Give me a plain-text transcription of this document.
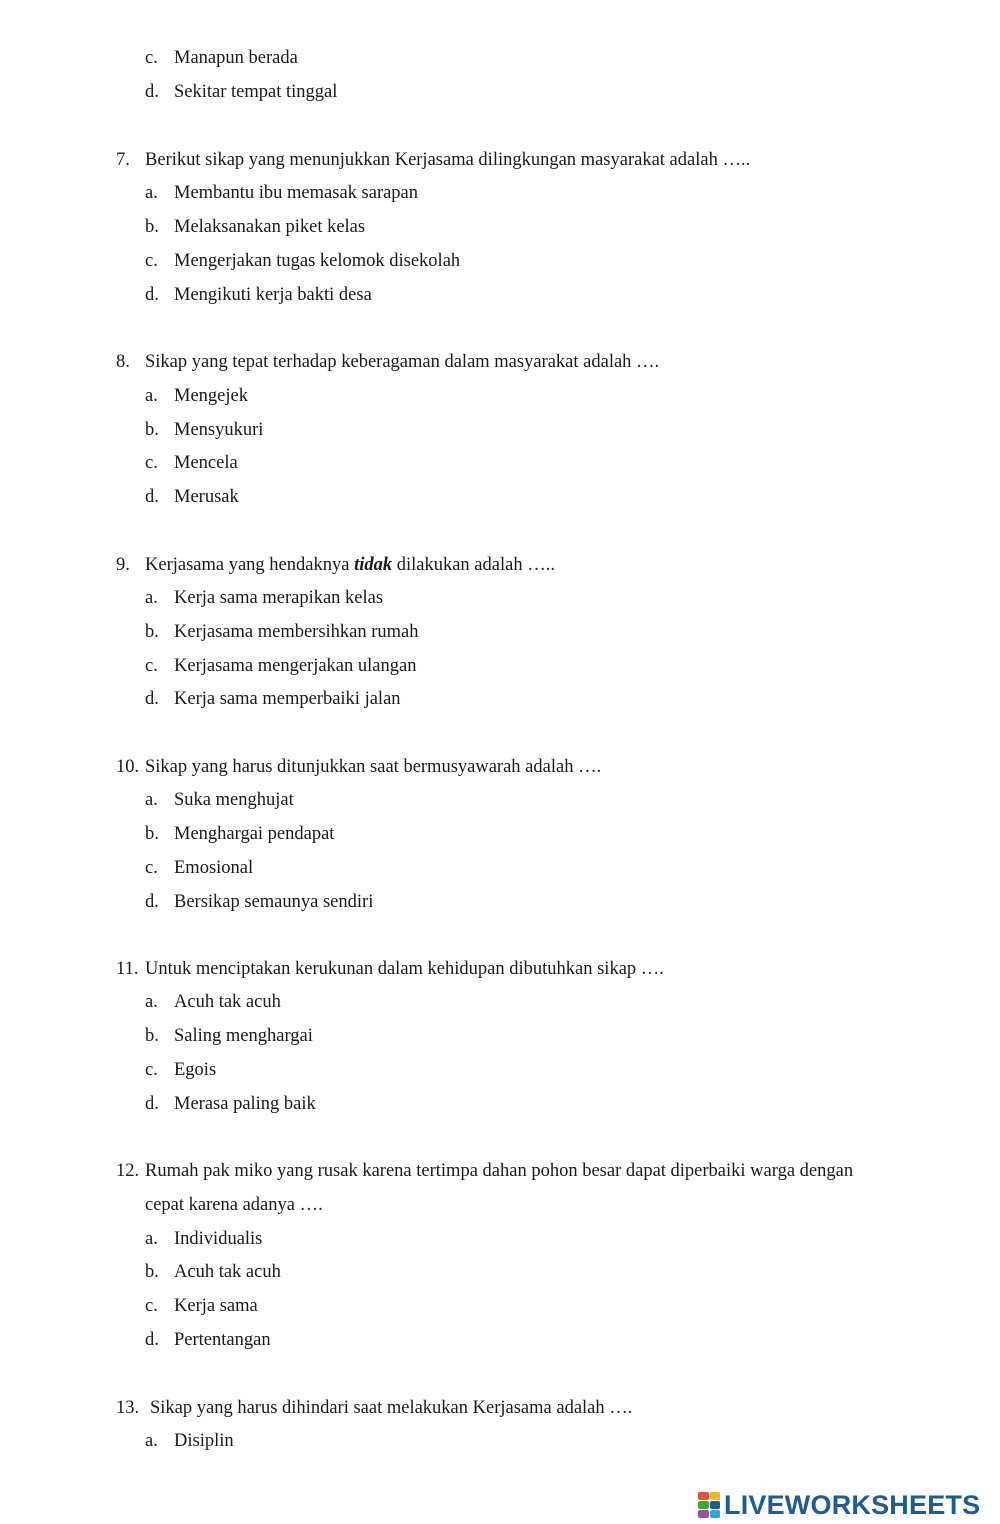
c. Manapun berada
d. Sekitar tempat tinggal
7. Berikut sikap yang menunjukkan Kerjasama dilingkungan masyarakat adalah …..
a. Membantu ibu memasak sarapan
b. Melaksanakan piket kelas
c. Mengerjakan tugas kelomok disekolah
d. Mengikuti kerja bakti desa
8. Sikap yang tepat terhadap keberagaman dalam masyarakat adalah ….
a. Mengejek
b. Mensyukuri
c. Mencela
d. Merusak
9. Kerjasama yang hendaknya tidak dilakukan adalah …..
a. Kerja sama merapikan kelas
b. Kerjasama membersihkan rumah
c. Kerjasama mengerjakan ulangan
d. Kerja sama memperbaiki jalan
10. Sikap yang harus ditunjukkan saat bermusyawarah adalah ….
a. Suka menghujat
b. Menghargai pendapat
c. Emosional
d. Bersikap semaunya sendiri
11. Untuk menciptakan kerukunan dalam kehidupan dibutuhkan sikap ….
a. Acuh tak acuh
b. Saling menghargai
c. Egois
d. Merasa paling baik
12. Rumah pak miko yang rusak karena tertimpa dahan pohon besar dapat diperbaiki warga dengan
cepat karena adanya ….
a. Individualis
b. Acuh tak acuh
c. Kerja sama
d. Pertentangan
13. Sikap yang harus dihindari saat melakukan Kerjasama adalah ….
a. Disiplin
LIVEWORKSHEETS
